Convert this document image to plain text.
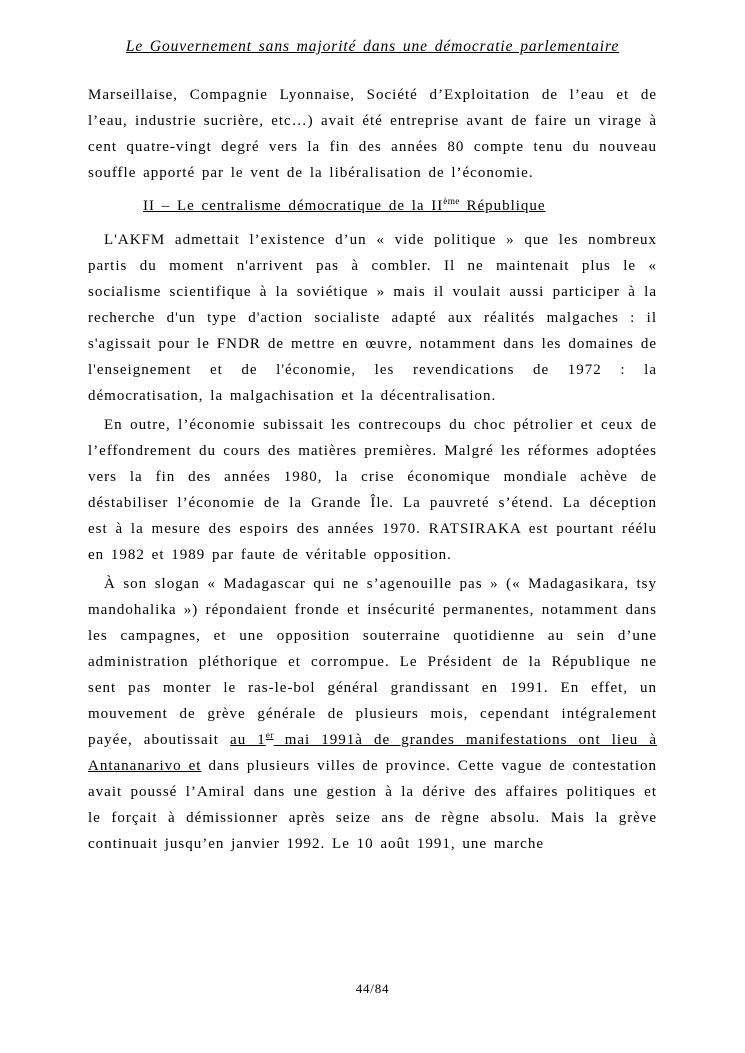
Le Gouvernement sans majorité dans une démocratie parlementaire

Marseillaise, Compagnie Lyonnaise, Société d’Exploitation de l’eau et de l’eau, industrie sucrière, etc…) avait été entreprise avant de faire un virage à cent quatre-vingt degré vers la fin des années 80 compte tenu du nouveau souffle apporté par le vent de la libéralisation de l’économie.

II – Le centralisme démocratique de la IIème République

L'AKFM admettait l’existence d’un « vide politique » que les nombreux partis du moment n'arrivent pas à combler. Il ne maintenait plus le « socialisme scientifique à la soviétique » mais il voulait aussi participer à la recherche d'un type d'action socialiste adapté aux réalités malgaches : il s'agissait pour le FNDR de mettre en œuvre, notamment dans les domaines de l'enseignement et de l'économie, les revendications de 1972 : la démocratisation, la malgachisation et la décentralisation.

En outre, l’économie subissait les contrecoups du choc pétrolier et ceux de l’effondrement du cours des matières premières. Malgré les réformes adoptées vers la fin des années 1980, la crise économique mondiale achève de déstabiliser l’économie de la Grande Île. La pauvreté s’étend. La déception est à la mesure des espoirs des années 1970. RATSIRAKA est pourtant réélu en 1982 et 1989 par faute de véritable opposition.

À son slogan « Madagascar qui ne s’agenouille pas » (« Madagasikara, tsy mandohalika ») répondaient fronde et insécurité permanentes, notamment dans les campagnes, et une opposition souterraine quotidienne au sein d’une administration pléthorique et corrompue. Le Président de la République ne sent pas monter le ras-le-bol général grandissant en 1991. En effet, un mouvement de grève générale de plusieurs mois, cependant intégralement payée, aboutissait au 1er mai 1991à de grandes manifestations ont lieu à Antananarivo et dans plusieurs villes de province. Cette vague de contestation avait poussé l’Amiral dans une gestion à la dérive des affaires politiques et le forçait à démissionner après seize ans de règne absolu. Mais la grève continuait jusqu’en janvier 1992. Le 10 août 1991, une marche

44/84
